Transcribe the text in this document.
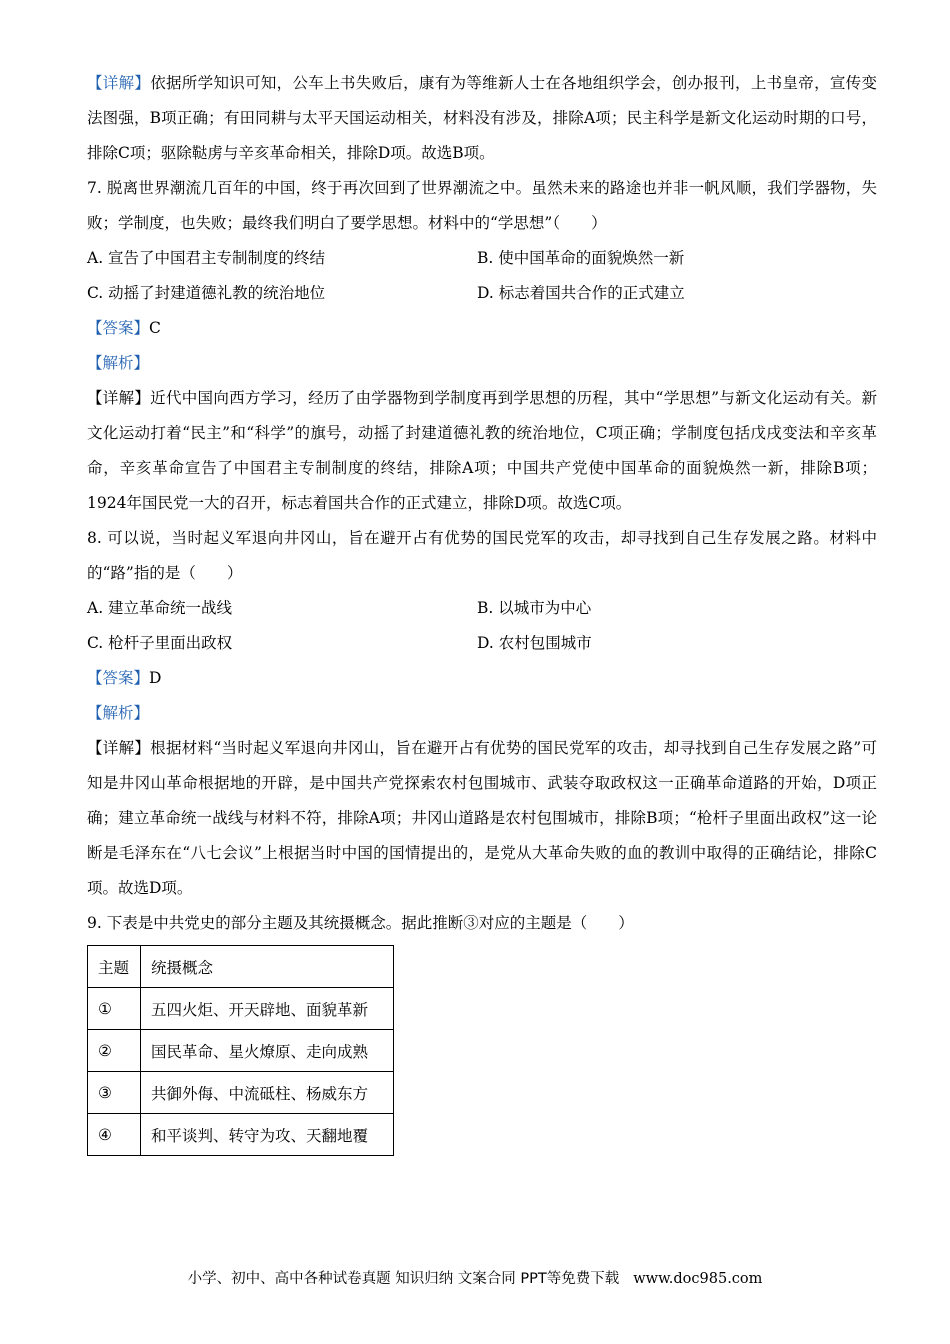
【详解】依据所学知识可知，公车上书失败后，康有为等维新人士在各地组织学会，创办报刊，上书皇帝，宣传变法图强，B项正确；有田同耕与太平天国运动相关，材料没有涉及，排除A项；民主科学是新文化运动时期的口号，排除C项；驱除鞑虏与辛亥革命相关，排除D项。故选B项。

7. 脱离世界潮流几百年的中国，终于再次回到了世界潮流之中。虽然未来的路途也并非一帆风顺，我们学器物，失败；学制度，也失败；最终我们明白了要学思想。材料中的“学思想”（　　）

A. 宣告了中国君主专制制度的终结	B. 使中国革命的面貌焕然一新
C. 动摇了封建道德礼教的统治地位	D. 标志着国共合作的正式建立

【答案】C

【解析】

【详解】近代中国向西方学习，经历了由学器物到学制度再到学思想的历程，其中“学思想”与新文化运动有关。新文化运动打着“民主”和“科学”的旗号，动摇了封建道德礼教的统治地位，C项正确；学制度包括戊戌变法和辛亥革命，辛亥革命宣告了中国君主专制制度的终结，排除A项；中国共产党使中国革命的面貌焕然一新，排除B项；1924年国民党一大的召开，标志着国共合作的正式建立，排除D项。故选C项。

8. 可以说，当时起义军退向井冈山，旨在避开占有优势的国民党军的攻击，却寻找到自己生存发展之路。材料中的“路”指的是（　　）

A. 建立革命统一战线	B. 以城市为中心
C. 枪杆子里面出政权	D. 农村包围城市

【答案】D

【解析】

【详解】根据材料“当时起义军退向井冈山，旨在避开占有优势的国民党军的攻击，却寻找到自己生存发展之路”可知是井冈山革命根据地的开辟，是中国共产党探索农村包围城市、武装夺取政权这一正确革命道路的开始，D项正确；建立革命统一战线与材料不符，排除A项；井冈山道路是农村包围城市，排除B项；“枪杆子里面出政权”这一论断是毛泽东在“八七会议”上根据当时中国的国情提出的，是党从大革命失败的血的教训中取得的正确结论，排除C项。故选D项。

9. 下表是中共党史的部分主题及其统摄概念。据此推断③对应的主题是（　　）

主题	统摄概念
①	五四火炬、开天辟地、面貌革新
②	国民革命、星火燎原、走向成熟
③	共御外侮、中流砥柱、杨威东方
④	和平谈判、转守为攻、天翻地覆
小学、初中、高中各种试卷真题 知识归纳 文案合同 PPT等免费下载 www.doc985.com
